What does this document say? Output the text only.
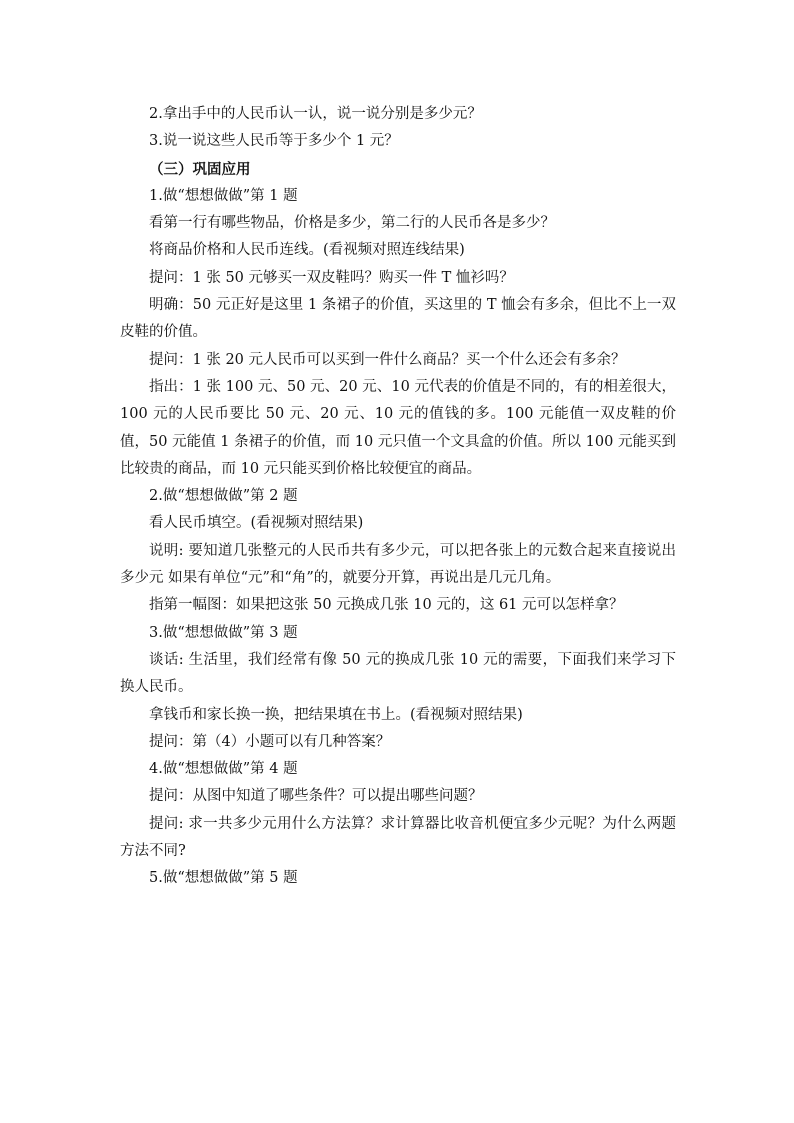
2.拿出手中的人民币认一认，说一说分别是多少元？

3.说一说这些人民币等于多少个 1 元？

（三）巩固应用

1.做“想想做做”第 1 题

看第一行有哪些物品，价格是多少，第二行的人民币各是多少？

将商品价格和人民币连线。(看视频对照连线结果)

提问：1 张 50 元够买一双皮鞋吗？购买一件 T 恤衫吗？

明确：50 元正好是这里 1 条裙子的价值，买这里的 T 恤会有多余，但比不上一双皮鞋的价值。

提问：1 张 20 元人民币可以买到一件什么商品？买一个什么还会有多余？

指出：1 张 100 元、50 元、20 元、10 元代表的价值是不同的，有的相差很大，100 元的人民币要比 50 元、20 元、10 元的值钱的多。100 元能值一双皮鞋的价值，50 元能值 1 条裙子的价值，而 10 元只值一个文具盒的价值。所以 100 元能买到比较贵的商品，而 10 元只能买到价格比较便宜的商品。

2.做“想想做做”第 2 题

看人民币填空。(看视频对照结果)

说明: 要知道几张整元的人民币共有多少元，可以把各张上的元数合起来直接说出多少元 如果有单位“元”和“角”的，就要分开算，再说出是几元几角。

指第一幅图：如果把这张 50 元换成几张 10 元的，这 61 元可以怎样拿？

3.做“想想做做”第 3 题

谈话: 生活里，我们经常有像 50 元的换成几张 10 元的需要，下面我们来学习下换人民币。

拿钱币和家长换一换，把结果填在书上。(看视频对照结果)

提问：第（4）小题可以有几种答案？

4.做“想想做做”第 4 题

提问：从图中知道了哪些条件？可以提出哪些问题？

提问: 求一共多少元用什么方法算？求计算器比收音机便宜多少元呢？为什么两题方法不同?

5.做“想想做做”第 5 题
